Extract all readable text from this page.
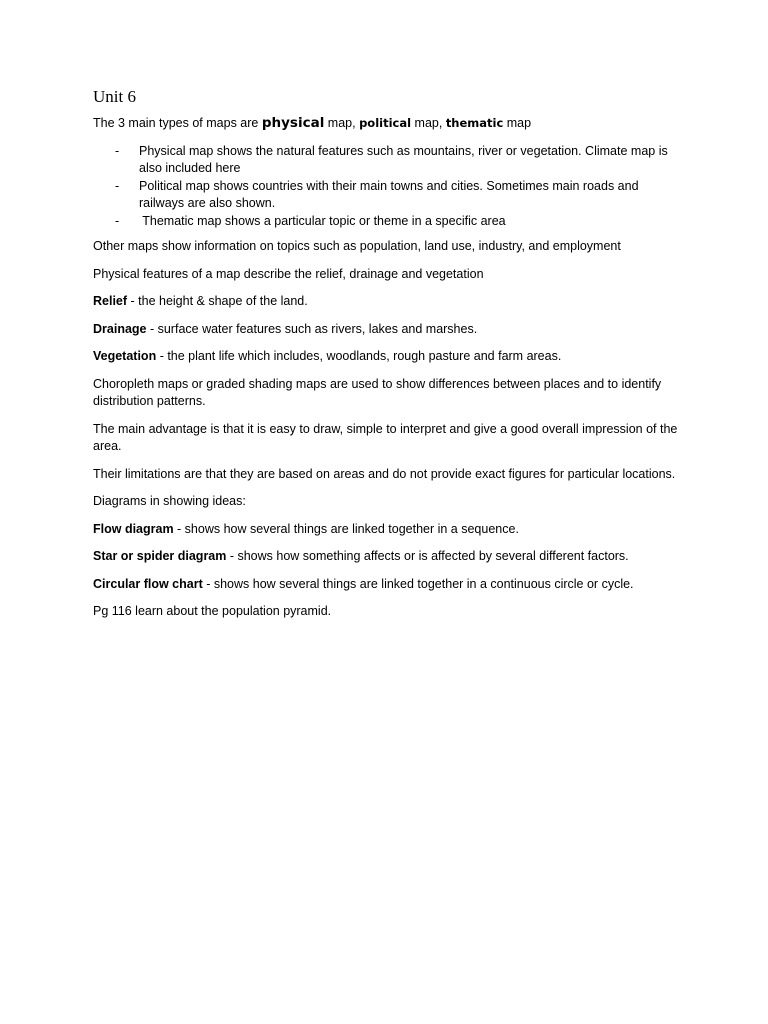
Unit 6

The 3 main types of maps are physical map, political map, thematic map

- Physical map shows the natural features such as mountains, river or vegetation. Climate map is also included here
- Political map shows countries with their main towns and cities. Sometimes main roads and railways are also shown.
- Thematic map shows a particular topic or theme in a specific area

Other maps show information on topics such as population, land use, industry, and employment

Physical features of a map describe the relief, drainage and vegetation

Relief - the height & shape of the land.

Drainage - surface water features such as rivers, lakes and marshes.

Vegetation - the plant life which includes, woodlands, rough pasture and farm areas.

Choropleth maps or graded shading maps are used to show differences between places and to identify distribution patterns.

The main advantage is that it is easy to draw, simple to interpret and give a good overall impression of the area.

Their limitations are that they are based on areas and do not provide exact figures for particular locations.

Diagrams in showing ideas:

Flow diagram - shows how several things are linked together in a sequence.

Star or spider diagram - shows how something affects or is affected by several different factors.

Circular flow chart - shows how several things are linked together in a continuous circle or cycle.

Pg 116 learn about the population pyramid.
